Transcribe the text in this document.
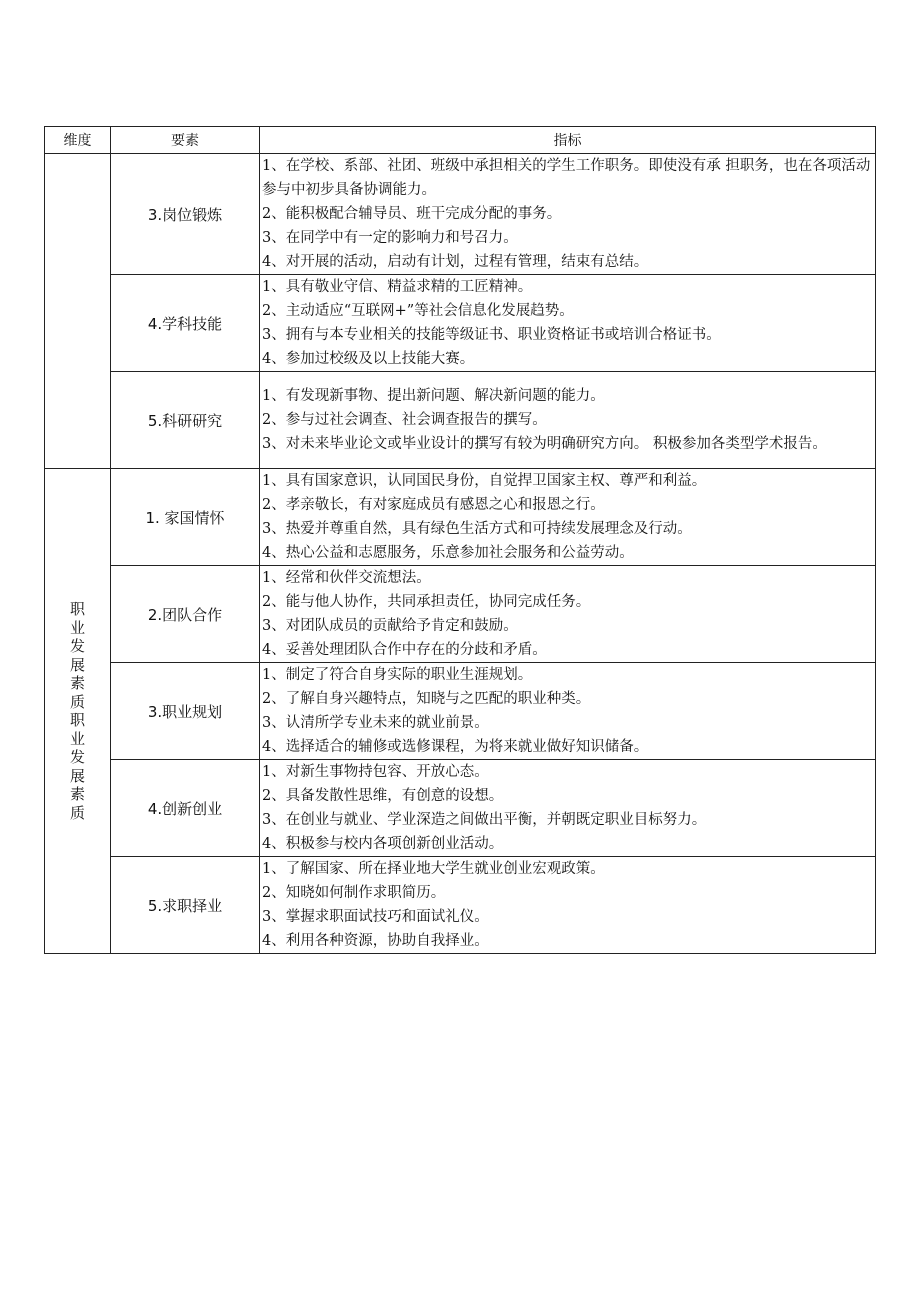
维度	要素	指标
	3.岗位锻炼	1、在学校、系部、社团、班级中承担相关的学生工作职务。即使没有承 担职务，也在各项活动参与中初步具备协调能力。
2、能积极配合辅导员、班干完成分配的事务。
3、在同学中有一定的影响力和号召力。
4、对开展的活动，启动有计划，过程有管理，结束有总结。

	4.学科技能	1、具有敬业守信、精益求精的工匠精神。
2、主动适应“互联网+”等社会信息化发展趋势。
3、拥有与本专业相关的技能等级证书、职业资格证书或培训合格证书。
4、参加过校级及以上技能大赛。

	5.科研研究	1、有发现新事物、提出新问题、解决新问题的能力。
2、参与过社会调查、社会调查报告的撰写。
3、对未来毕业论文或毕业设计的撰写有较为明确研究方向。 积极参加各类型学术报告。

职业发展素质职业发展素质	1. 家国情怀	1、具有国家意识，认同国民身份，自觉捍卫国家主权、尊严和利益。
2、孝亲敬长，有对家庭成员有感恩之心和报恩之行。
3、热爱并尊重自然，具有绿色生活方式和可持续发展理念及行动。
4、热心公益和志愿服务，乐意参加社会服务和公益劳动。

	2.团队合作	1、经常和伙伴交流想法。
2、能与他人协作，共同承担责任，协同完成任务。
3、对团队成员的贡献给予肯定和鼓励。
4、妥善处理团队合作中存在的分歧和矛盾。

	3.职业规划	1、制定了符合自身实际的职业生涯规划。
2、了解自身兴趣特点，知晓与之匹配的职业种类。
3、认清所学专业未来的就业前景。
4、选择适合的辅修或选修课程，为将来就业做好知识储备。

	4.创新创业	1、对新生事物持包容、开放心态。
2、具备发散性思维，有创意的设想。
3、在创业与就业、学业深造之间做出平衡，并朝既定职业目标努力。
4、积极参与校内各项创新创业活动。

	5.求职择业	1、了解国家、所在择业地大学生就业创业宏观政策。
2、知晓如何制作求职简历。
3、掌握求职面试技巧和面试礼仪。
4、利用各种资源，协助自我择业。
